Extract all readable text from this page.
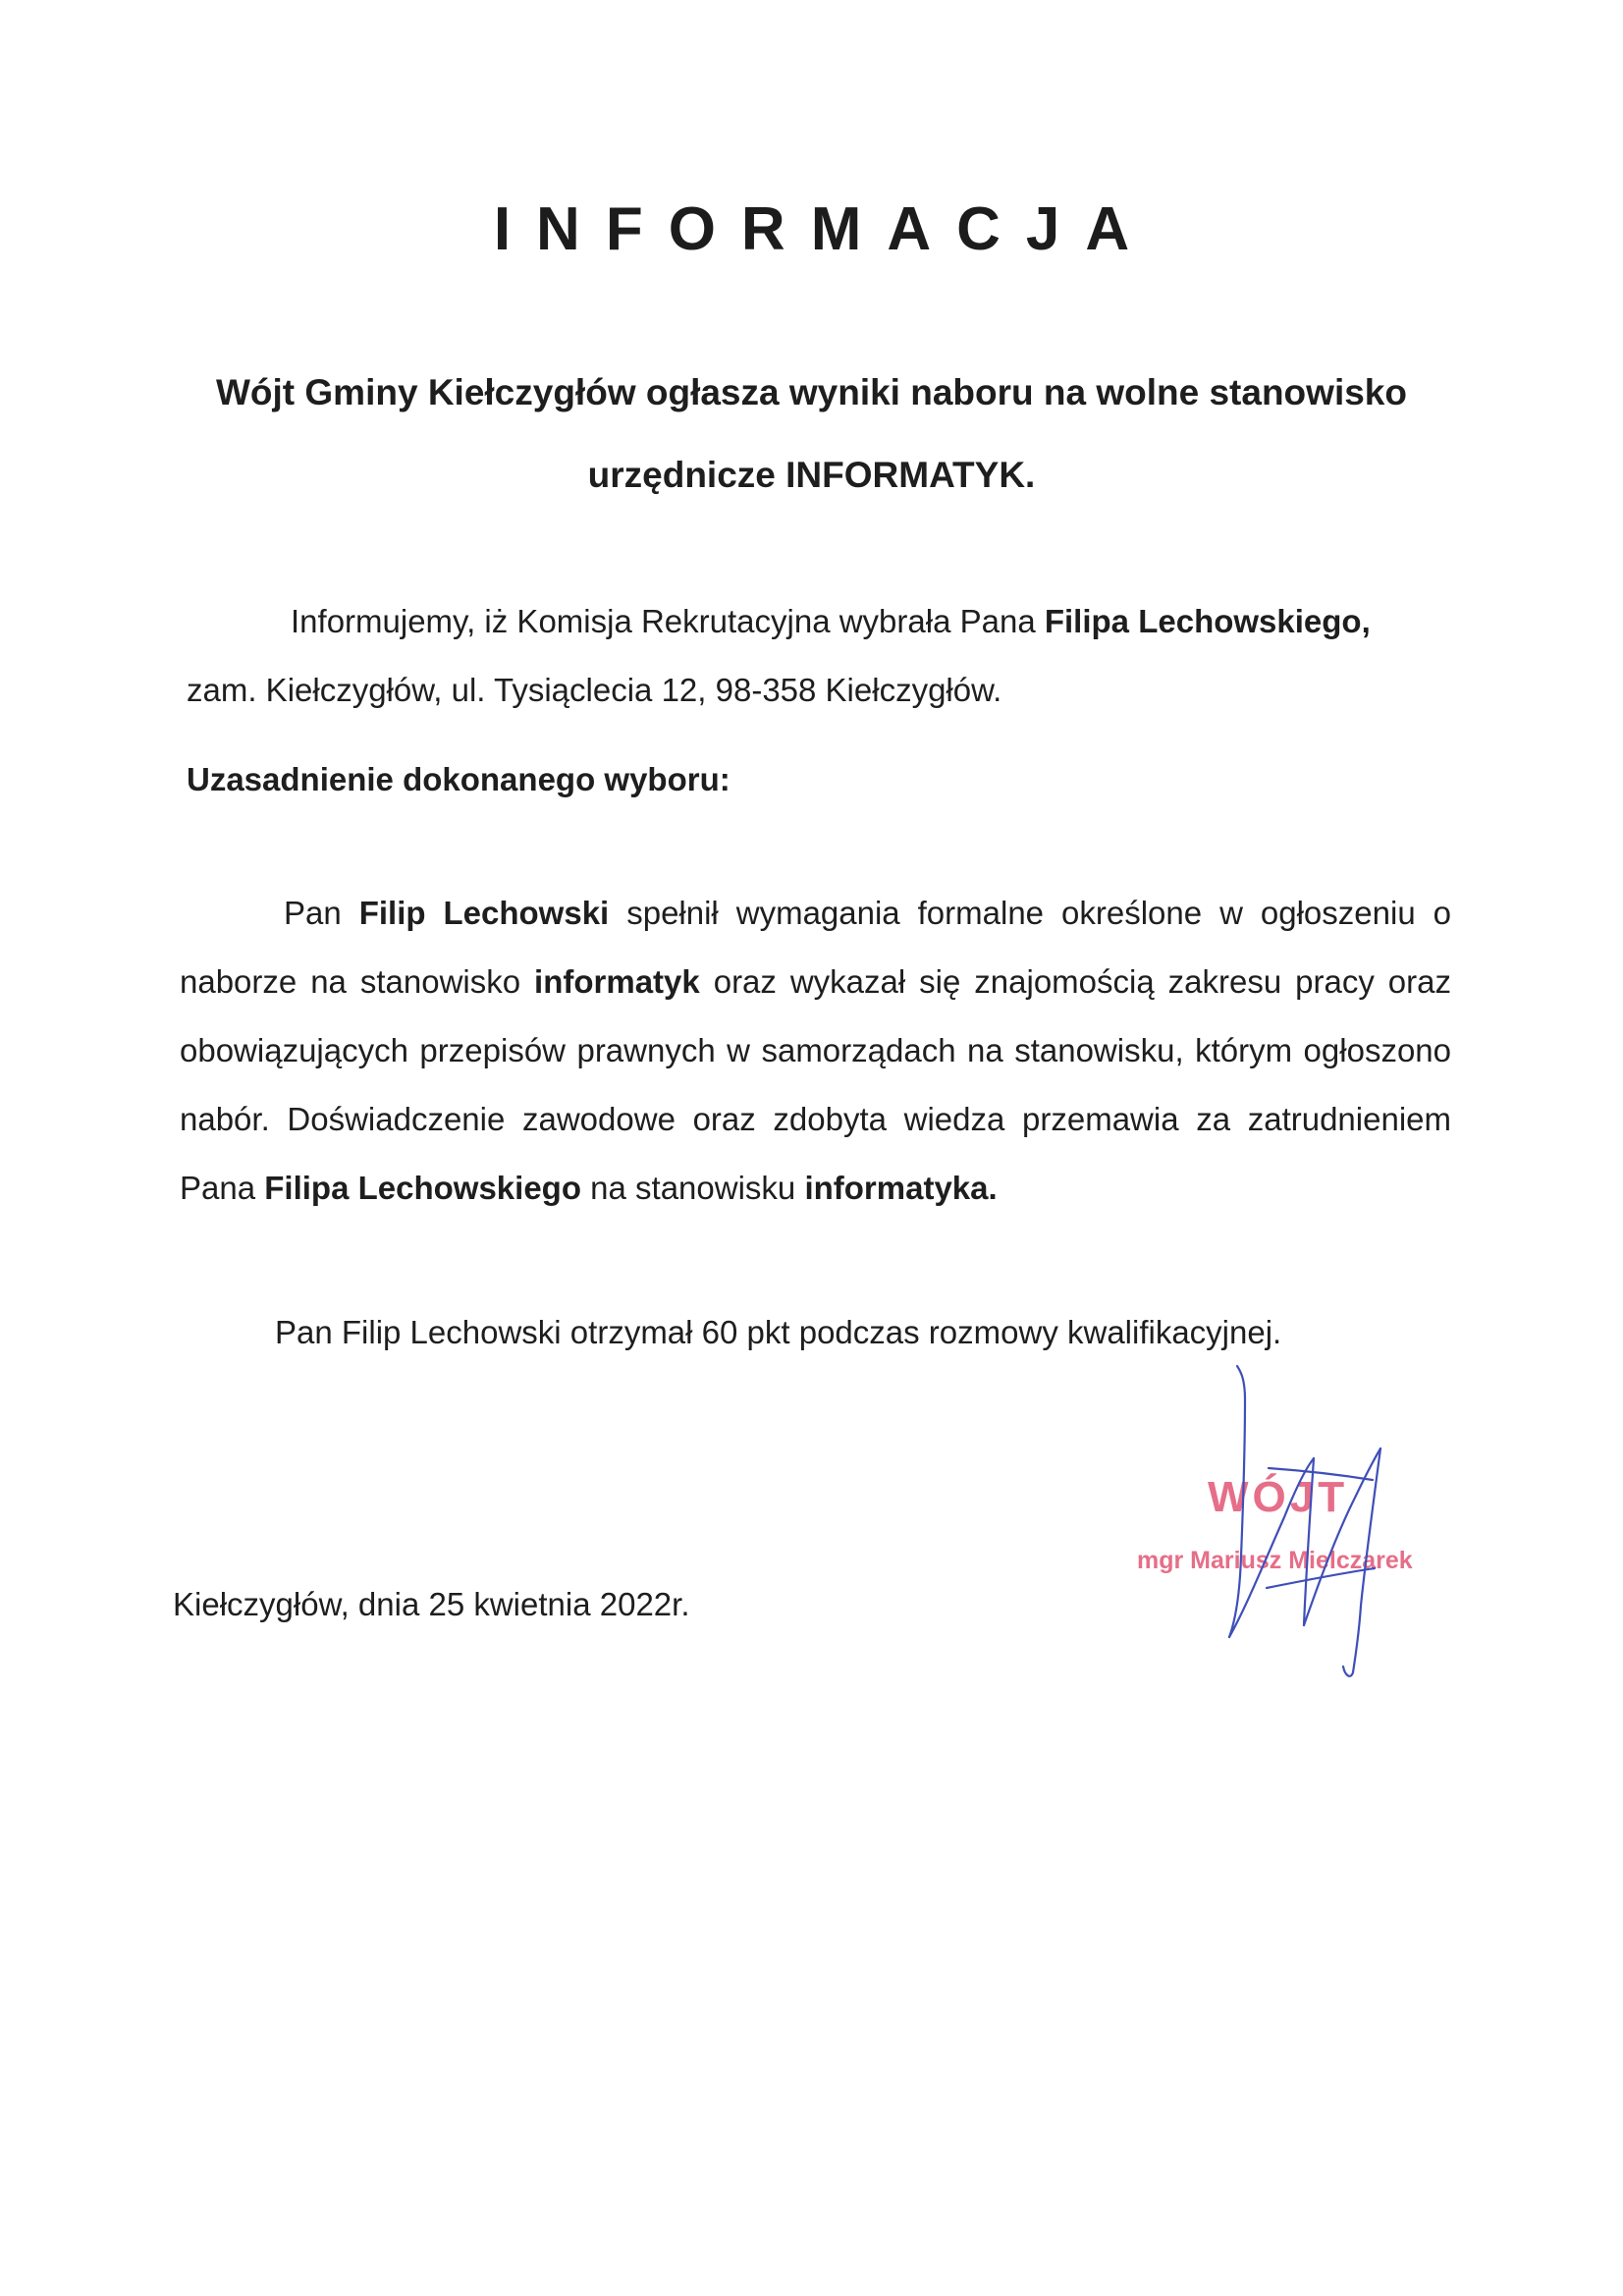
INFORMACJA
Wójt Gminy Kiełczygłów ogłasza wyniki naboru na wolne stanowisko
urzędnicze INFORMATYK.
Informujemy, iż Komisja Rekrutacyjna wybrała Pana Filipa Lechowskiego,
zam. Kiełczygłów, ul. Tysiąclecia 12, 98-358 Kiełczygłów.
Uzasadnienie dokonanego wyboru:
Pan Filip Lechowski spełnił wymagania formalne określone w ogłoszeniu o naborze na stanowisko informatyk oraz wykazał się znajomością zakresu pracy oraz obowiązujących przepisów prawnych w samorządach na stanowisku, którym ogłoszono nabór. Doświadczenie zawodowe oraz zdobyta wiedza przemawia za zatrudnieniem Pana Filipa Lechowskiego na stanowisku informatyka.
Pan Filip Lechowski otrzymał 60 pkt podczas rozmowy kwalifikacyjnej.
Kiełczygłów, dnia 25 kwietnia 2022r.
WÓJT
mgr Mariusz Mielczarek
